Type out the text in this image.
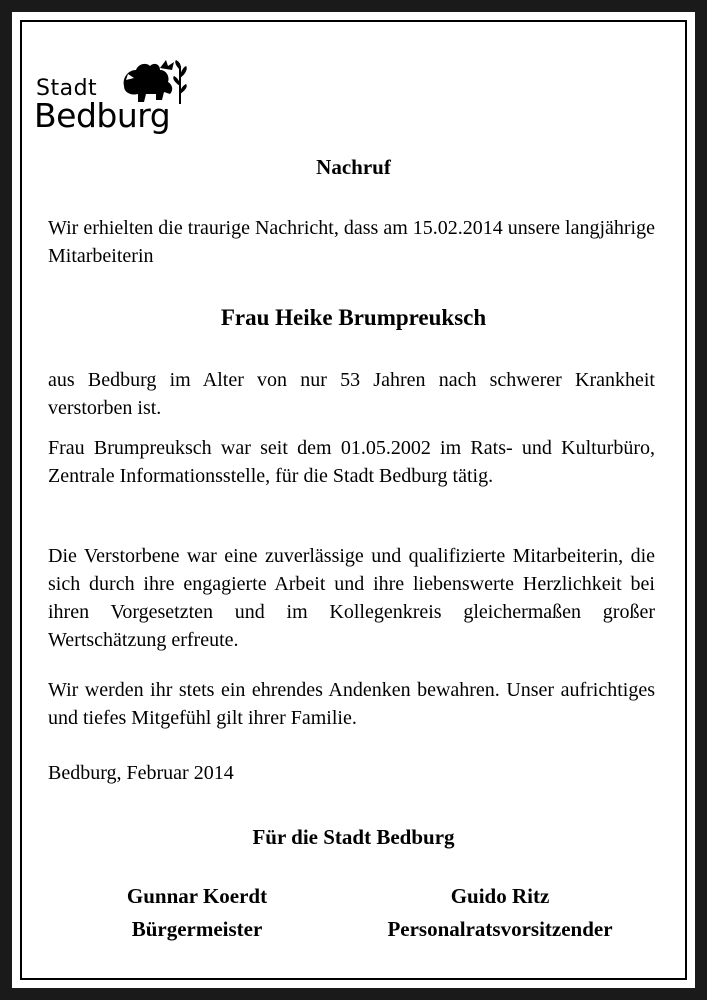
Stadt
Bedburg
Nachruf
Wir erhielten die traurige Nachricht, dass am 15.02.2014 unsere langjährige Mitarbeiterin
Frau Heike Brumpreuksch
aus Bedburg im Alter von nur 53 Jahren nach schwerer Krankheit verstorben ist.
Frau Brumpreuksch war seit dem 01.05.2002 im Rats- und Kulturbüro, Zentrale Informationsstelle, für die Stadt Bedburg tätig.
Die Verstorbene war eine zuverlässige und qualifizierte Mitarbeiterin, die sich durch ihre engagierte Arbeit und ihre liebenswerte Herzlichkeit bei ihren Vorgesetzten und im Kollegenkreis gleichermaßen großer Wertschätzung erfreute.
Wir werden ihr stets ein ehrendes Andenken bewahren. Unser aufrichtiges und tiefes Mitgefühl gilt ihrer Familie.
Bedburg, Februar 2014
Für die Stadt Bedburg
Gunnar Koerdt
Bürgermeister
Guido Ritz
Personalratsvorsitzender
